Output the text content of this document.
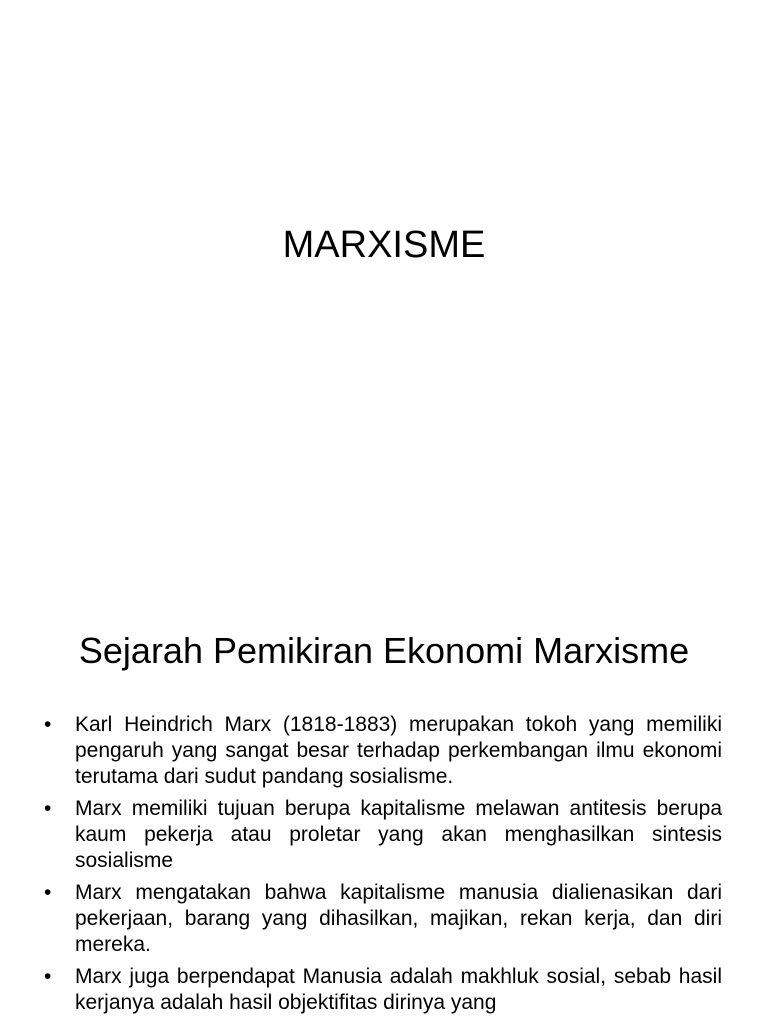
MARXISME
Sejarah Pemikiran Ekonomi Marxisme
• Karl Heindrich Marx (1818-1883) merupakan tokoh yang memiliki pengaruh yang sangat besar terhadap perkembangan ilmu ekonomi terutama dari sudut pandang sosialisme.
• Marx memiliki tujuan berupa kapitalisme melawan antitesis berupa kaum pekerja atau proletar yang akan menghasilkan sintesis sosialisme
• Marx mengatakan bahwa kapitalisme manusia dialienasikan dari pekerjaan, barang yang dihasilkan, majikan, rekan kerja, dan diri mereka.
• Marx juga berpendapat Manusia adalah makhluk sosial, sebab hasil kerjanya adalah hasil objektifitas dirinya yang
